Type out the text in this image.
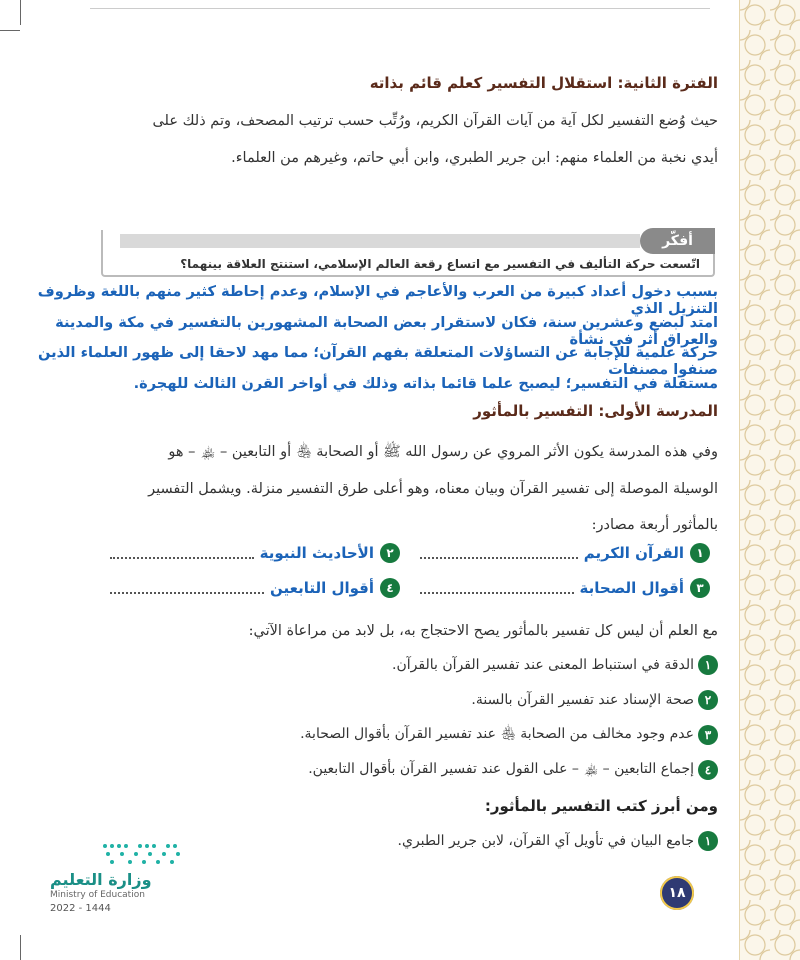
الفترة الثانية: استقلال التفسير كعلم قائم بذاته
حيث وُضع التفسير لكل آية من آيات القرآن الكريم، ورُتِّب حسب ترتيب المصحف، وتم ذلك على
أيدي نخبة من العلماء منهم: ابن جرير الطبري، وابن أبي حاتم، وغيرهم من العلماء.
أفكّر
اتّسعت حركة التأليف في التفسير مع اتساع رقعة العالم الإسلامي، استنتج العلاقة بينهما؟
بسبب دخول أعداد كبيرة من العرب والأعاجم في الإسلام، وعدم إحاطة كثير منهم باللغة وظروف التنزيل الذي
امتد لبضع وعشرين سنة، فكان لاستقرار بعض الصحابة المشهورين بالتفسير في مكة والمدينة والعراق أثر في نشأة
حركة علمية للإجابة عن التساؤلات المتعلقة بفهم القرآن؛ مما مهد لاحقا إلى ظهور العلماء الذين صنفوا مصنفات
مستقلة في التفسير؛ ليصبح علما قائما بذاته وذلك في أواخر القرن الثالث للهجرة.
المدرسة الأولى: التفسير بالمأثور
وفي هذه المدرسة يكون الأثر المروي عن رسول الله ﷺ أو الصحابة ﵃ أو التابعين – ﵏ – هو
الوسيلة الموصلة إلى تفسير القرآن وبيان معناه، وهو أعلى طرق التفسير منزلة. ويشمل التفسير
بالمأثور أربعة مصادر:
١
القرآن الكريم
٢
الأحاديث النبوية
٣
أقوال الصحابة
٤
أقوال التابعين
مع العلم أن ليس كل تفسير بالمأثور يصح الاحتجاج به، بل لابد من مراعاة الآتي:
١
الدقة في استنباط المعنى عند تفسير القرآن بالقرآن.
٢
صحة الإسناد عند تفسير القرآن بالسنة.
٣
عدم وجود مخالف من الصحابة ﵃ عند تفسير القرآن بأقوال الصحابة.
٤
إجماع التابعين – ﵏ – على القول عند تفسير القرآن بأقوال التابعين.
ومن أبرز كتب التفسير بالمأثور:
١
جامع البيان في تأويل آي القرآن، لابن جرير الطبري.
١٨
وزارة التعليم
Ministry of Education
2022 - 1444
